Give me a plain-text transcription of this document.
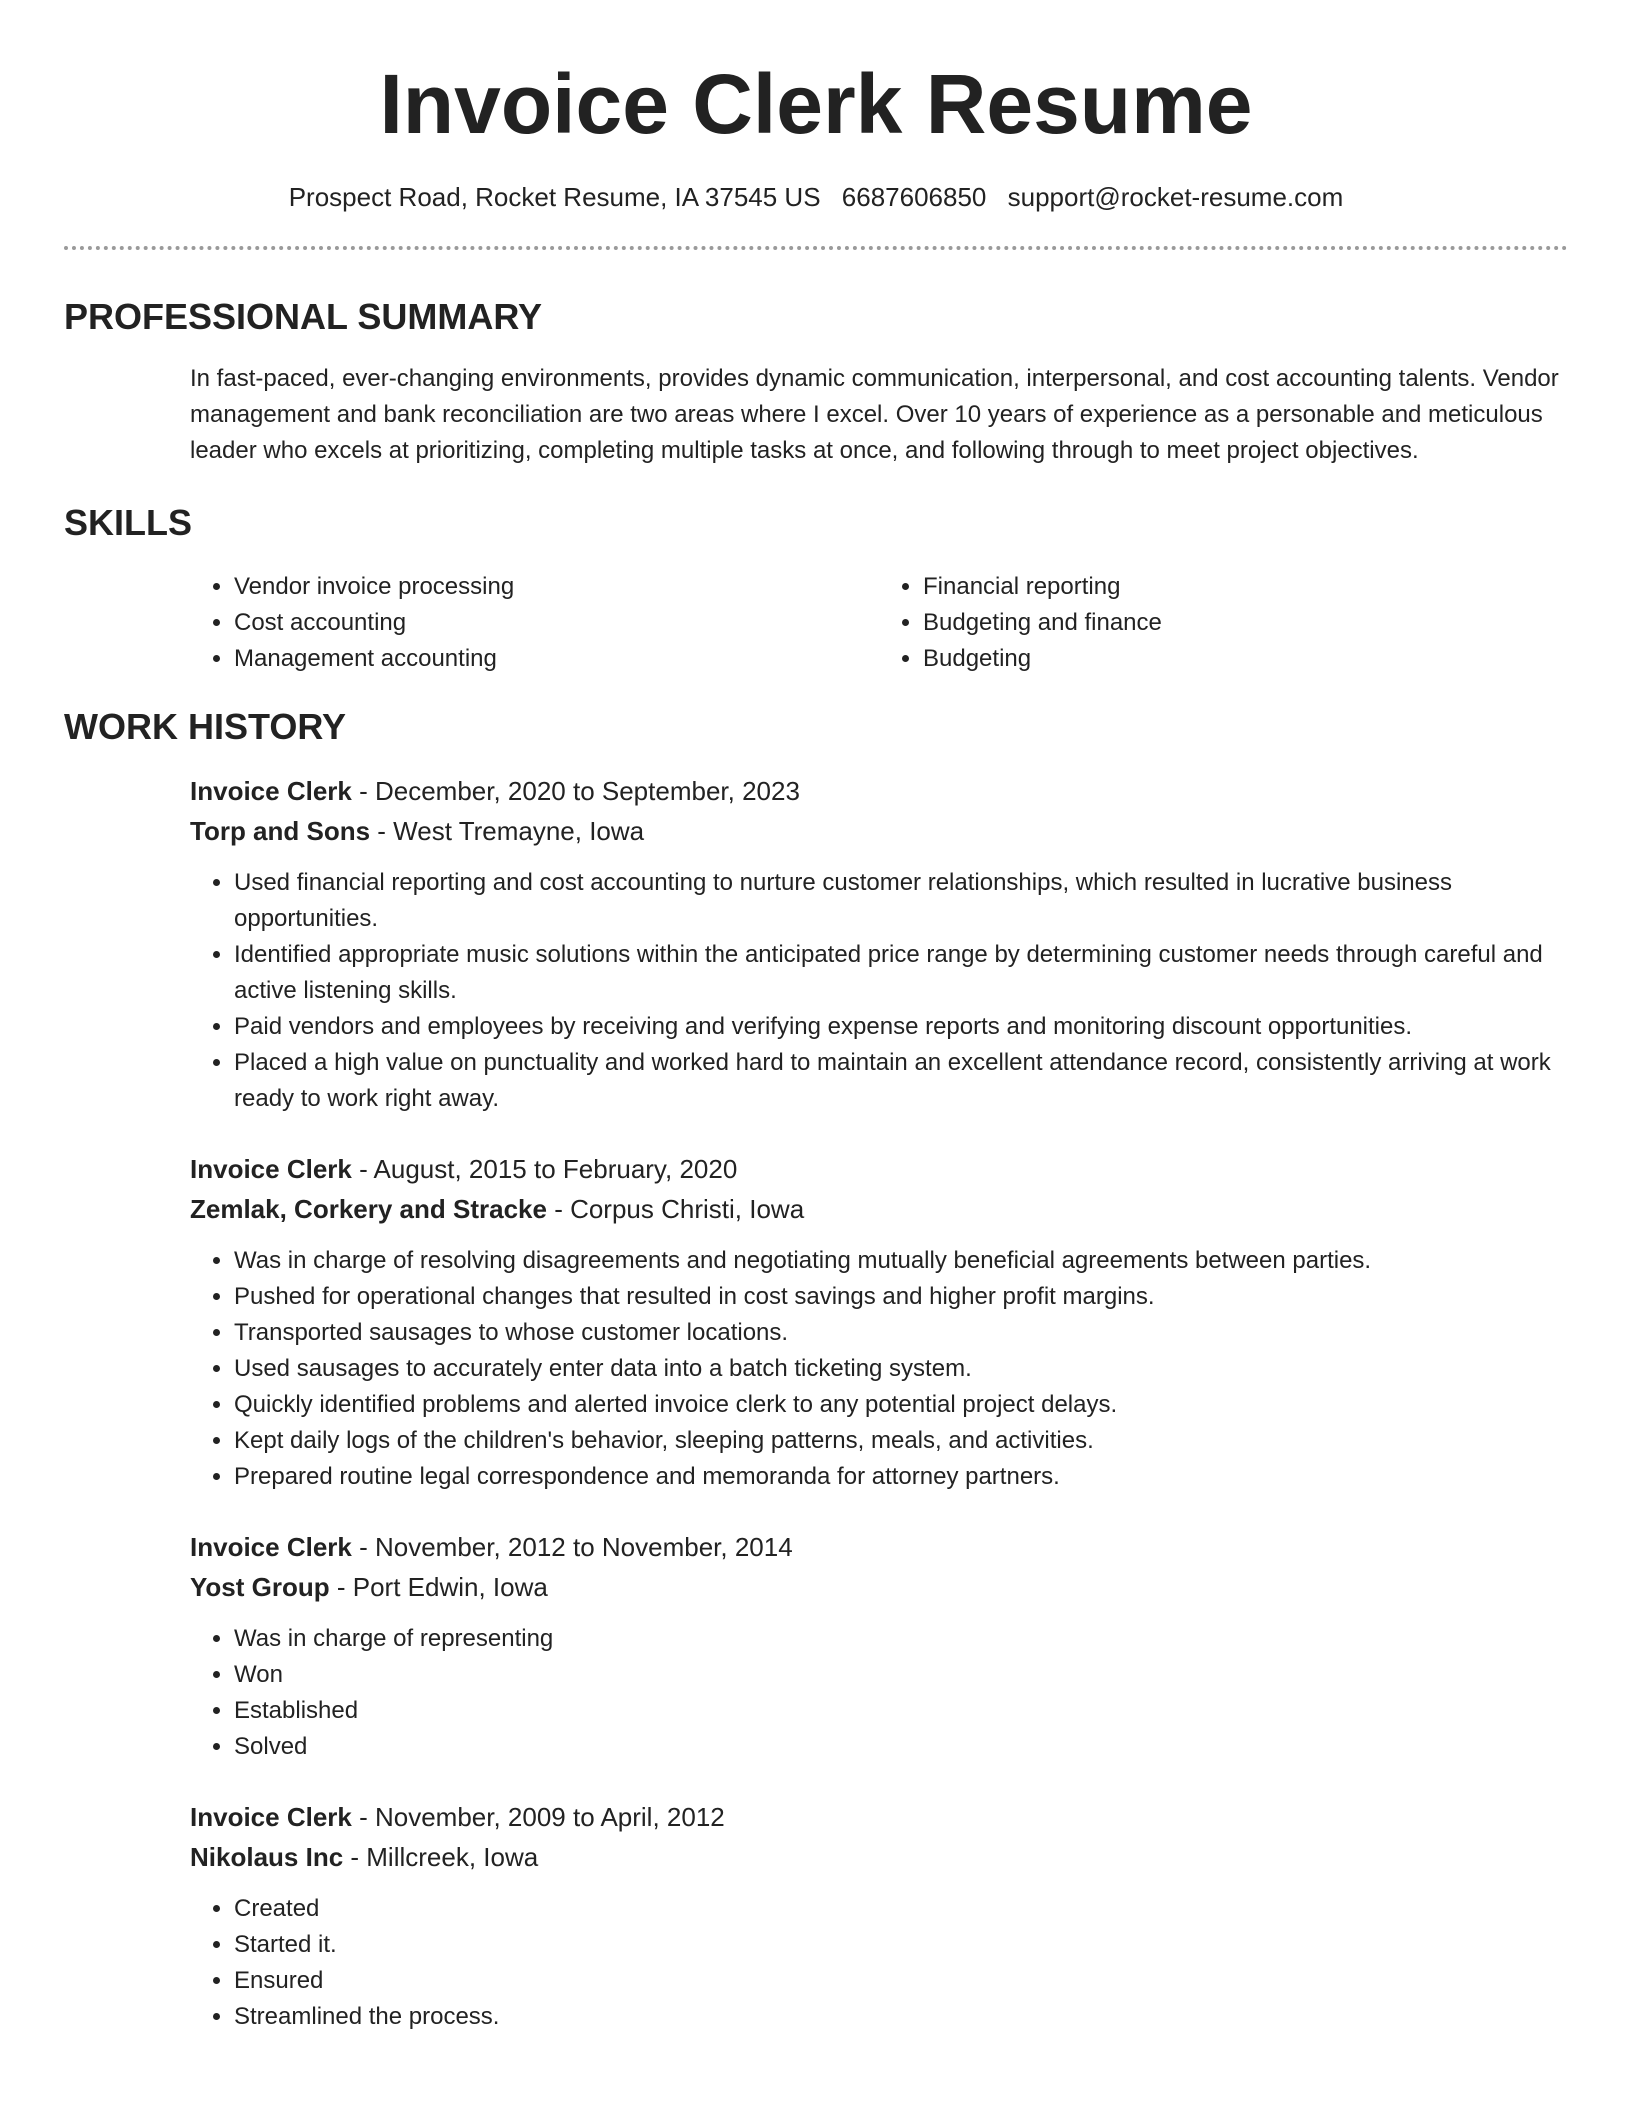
Invoice Clerk Resume
Prospect Road, Rocket Resume, IA 37545 US 6687606850 support@rocket-resume.com
PROFESSIONAL SUMMARY

In fast-paced, ever-changing environments, provides dynamic communication, interpersonal, and cost accounting talents. Vendor management and bank reconciliation are two areas where I excel. Over 10 years of experience as a personable and meticulous leader who excels at prioritizing, completing multiple tasks at once, and following through to meet project objectives.

SKILLS
• Vendor invoice processing
• Cost accounting
• Management accounting
• Financial reporting
• Budgeting and finance
• Budgeting
WORK HISTORY
Invoice Clerk - December, 2020 to September, 2023
Torp and Sons - West Tremayne, Iowa
• Used financial reporting and cost accounting to nurture customer relationships, which resulted in lucrative business opportunities.
• Identified appropriate music solutions within the anticipated price range by determining customer needs through careful and active listening skills.
• Paid vendors and employees by receiving and verifying expense reports and monitoring discount opportunities.
• Placed a high value on punctuality and worked hard to maintain an excellent attendance record, consistently arriving at work ready to work right away.
Invoice Clerk - August, 2015 to February, 2020
Zemlak, Corkery and Stracke - Corpus Christi, Iowa
• Was in charge of resolving disagreements and negotiating mutually beneficial agreements between parties.
• Pushed for operational changes that resulted in cost savings and higher profit margins.
• Transported sausages to whose customer locations.
• Used sausages to accurately enter data into a batch ticketing system.
• Quickly identified problems and alerted invoice clerk to any potential project delays.
• Kept daily logs of the children's behavior, sleeping patterns, meals, and activities.
• Prepared routine legal correspondence and memoranda for attorney partners.
Invoice Clerk - November, 2012 to November, 2014
Yost Group - Port Edwin, Iowa
• Was in charge of representing
• Won
• Established
• Solved
Invoice Clerk - November, 2009 to April, 2012
Nikolaus Inc - Millcreek, Iowa
• Created
• Started it.
• Ensured
• Streamlined the process.
